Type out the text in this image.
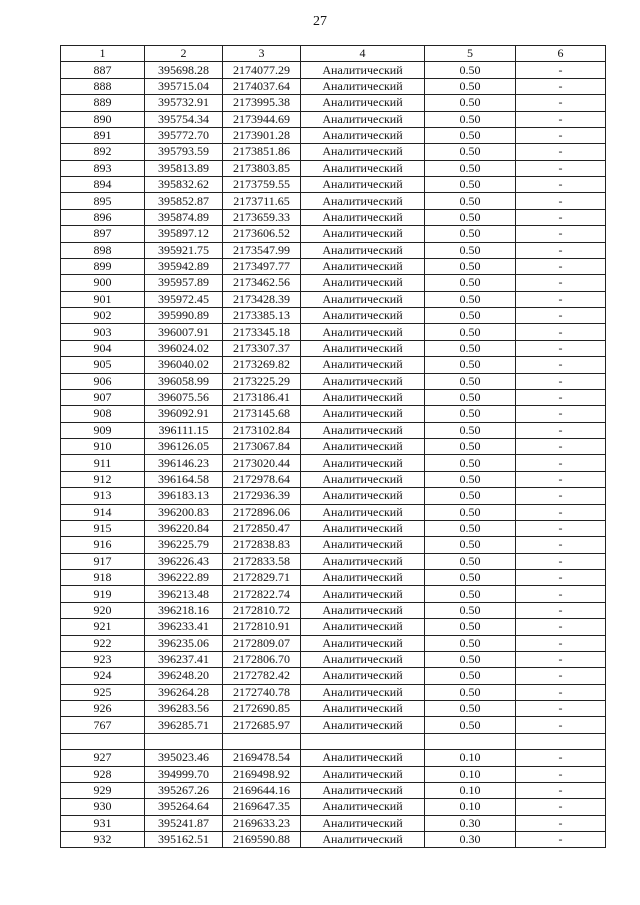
27
1	2	3	4	5	6
887	395698.28	2174077.29	Аналитический	0.50	-
888	395715.04	2174037.64	Аналитический	0.50	-
889	395732.91	2173995.38	Аналитический	0.50	-
890	395754.34	2173944.69	Аналитический	0.50	-
891	395772.70	2173901.28	Аналитический	0.50	-
892	395793.59	2173851.86	Аналитический	0.50	-
893	395813.89	2173803.85	Аналитический	0.50	-
894	395832.62	2173759.55	Аналитический	0.50	-
895	395852.87	2173711.65	Аналитический	0.50	-
896	395874.89	2173659.33	Аналитический	0.50	-
897	395897.12	2173606.52	Аналитический	0.50	-
898	395921.75	2173547.99	Аналитический	0.50	-
899	395942.89	2173497.77	Аналитический	0.50	-
900	395957.89	2173462.56	Аналитический	0.50	-
901	395972.45	2173428.39	Аналитический	0.50	-
902	395990.89	2173385.13	Аналитический	0.50	-
903	396007.91	2173345.18	Аналитический	0.50	-
904	396024.02	2173307.37	Аналитический	0.50	-
905	396040.02	2173269.82	Аналитический	0.50	-
906	396058.99	2173225.29	Аналитический	0.50	-
907	396075.56	2173186.41	Аналитический	0.50	-
908	396092.91	2173145.68	Аналитический	0.50	-
909	396111.15	2173102.84	Аналитический	0.50	-
910	396126.05	2173067.84	Аналитический	0.50	-
911	396146.23	2173020.44	Аналитический	0.50	-
912	396164.58	2172978.64	Аналитический	0.50	-
913	396183.13	2172936.39	Аналитический	0.50	-
914	396200.83	2172896.06	Аналитический	0.50	-
915	396220.84	2172850.47	Аналитический	0.50	-
916	396225.79	2172838.83	Аналитический	0.50	-
917	396226.43	2172833.58	Аналитический	0.50	-
918	396222.89	2172829.71	Аналитический	0.50	-
919	396213.48	2172822.74	Аналитический	0.50	-
920	396218.16	2172810.72	Аналитический	0.50	-
921	396233.41	2172810.91	Аналитический	0.50	-
922	396235.06	2172809.07	Аналитический	0.50	-
923	396237.41	2172806.70	Аналитический	0.50	-
924	396248.20	2172782.42	Аналитический	0.50	-
925	396264.28	2172740.78	Аналитический	0.50	-
926	396283.56	2172690.85	Аналитический	0.50	-
767	396285.71	2172685.97	Аналитический	0.50	-

927	395023.46	2169478.54	Аналитический	0.10	-
928	394999.70	2169498.92	Аналитический	0.10	-
929	395267.26	2169644.16	Аналитический	0.10	-
930	395264.64	2169647.35	Аналитический	0.10	-
931	395241.87	2169633.23	Аналитический	0.30	-
932	395162.51	2169590.88	Аналитический	0.30	-
